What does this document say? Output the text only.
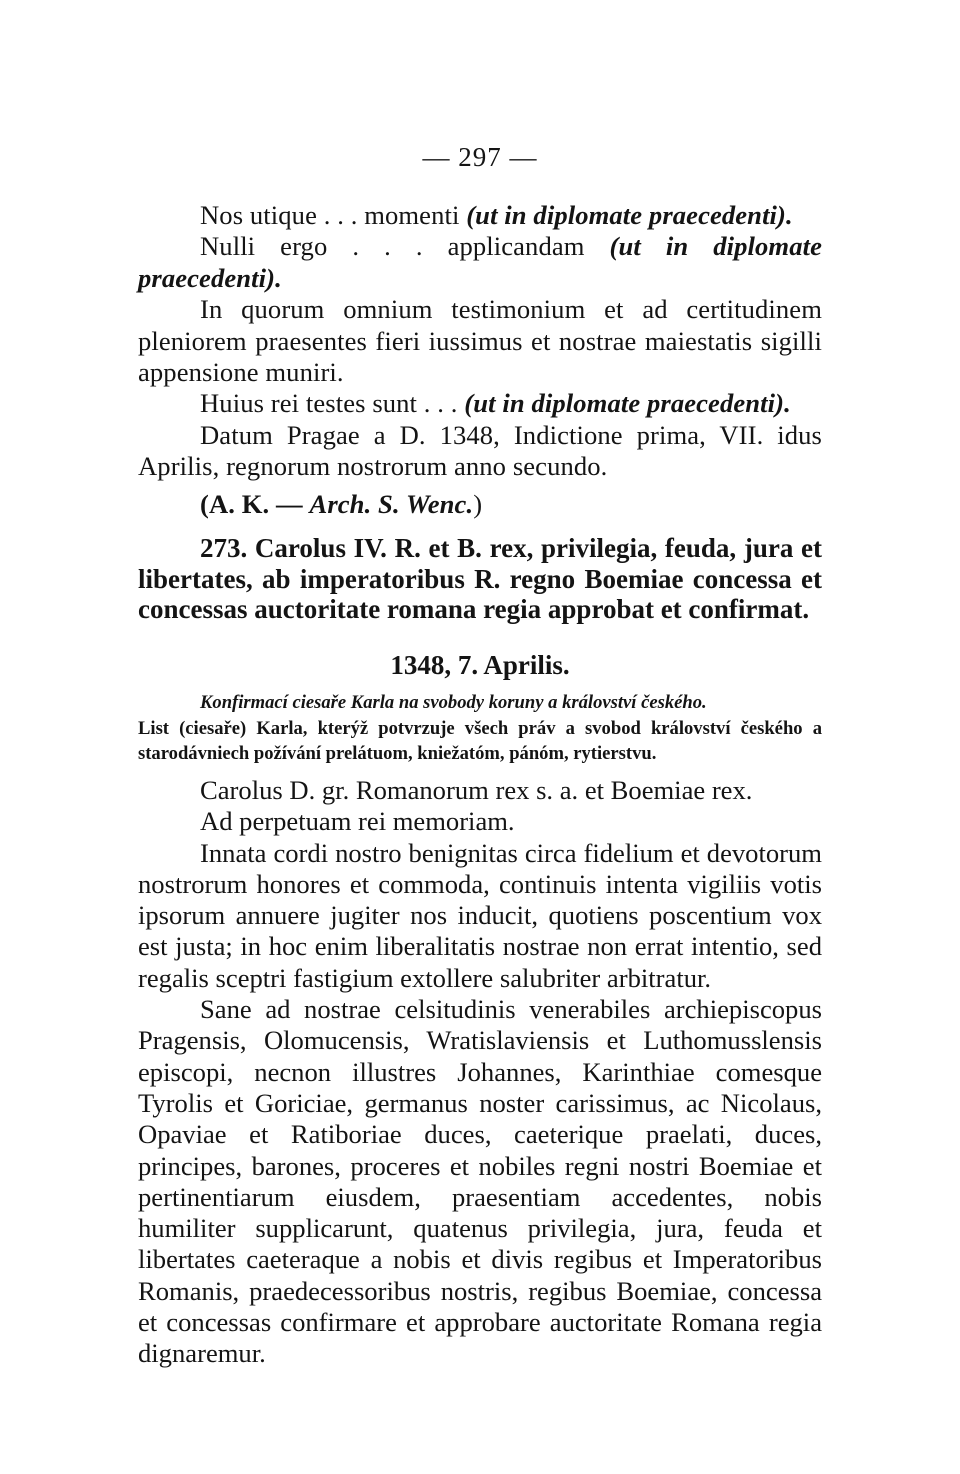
— 297 —

Nos utique . . . momenti (ut in diplomate praecedenti).

Nulli ergo . . . applicandam (ut in diplomate praecedenti).

In quorum omnium testimonium et ad certitudinem pleniorem praesentes fieri iussimus et nostrae maiestatis sigilli appensione muniri.

Huius rei testes sunt . . . (ut in diplomate praecedenti).

Datum Pragae a D. 1348, Indictione prima, VII. idus Aprilis, regnorum nostrorum anno secundo.

(A. K. — Arch. S. Wenc.)

273. Carolus IV. R. et B. rex, privilegia, feuda, jura et libertates, ab imperatoribus R. regno Boemiae concessa et concessas auctoritate romana regia approbat et confirmat.

1348, 7. Aprilis.

Konfirmací ciesaře Karla na svobody koruny a království českého.

List (ciesaře) Karla, kterýž potvrzuje všech práv a svobod království českého a starodávniech požívání prelátuom, kniežatóm, pánóm, rytierstvu.

Carolus D. gr. Romanorum rex s. a. et Boemiae rex.

Ad perpetuam rei memoriam.

Innata cordi nostro benignitas circa fidelium et devotorum nostrorum honores et commoda, continuis intenta vigiliis votis ipsorum annuere jugiter nos inducit, quotiens poscentium vox est justa; in hoc enim liberalitatis nostrae non errat intentio, sed regalis sceptri fastigium extollere salubriter arbitratur.

Sane ad nostrae celsitudinis venerabiles archiepiscopus Pragensis, Olomucensis, Wratislaviensis et Luthomusslensis episcopi, necnon illustres Johannes, Karinthiae comesque Tyrolis et Goriciae, germanus noster carissimus, ac Nicolaus, Opaviae et Ratiboriae duces, caeterique praelati, duces, principes, barones, proceres et nobiles regni nostri Boemiae et pertinentiarum eiusdem, praesentiam accedentes, nobis humiliter supplicarunt, quatenus privilegia, jura, feuda et libertates caeteraque a nobis et divis regibus et Imperatoribus Romanis, praedecessoribus nostris, regibus Boemiae, concessa et concessas confirmare et approbare auctoritate Romana regia dignaremur.
